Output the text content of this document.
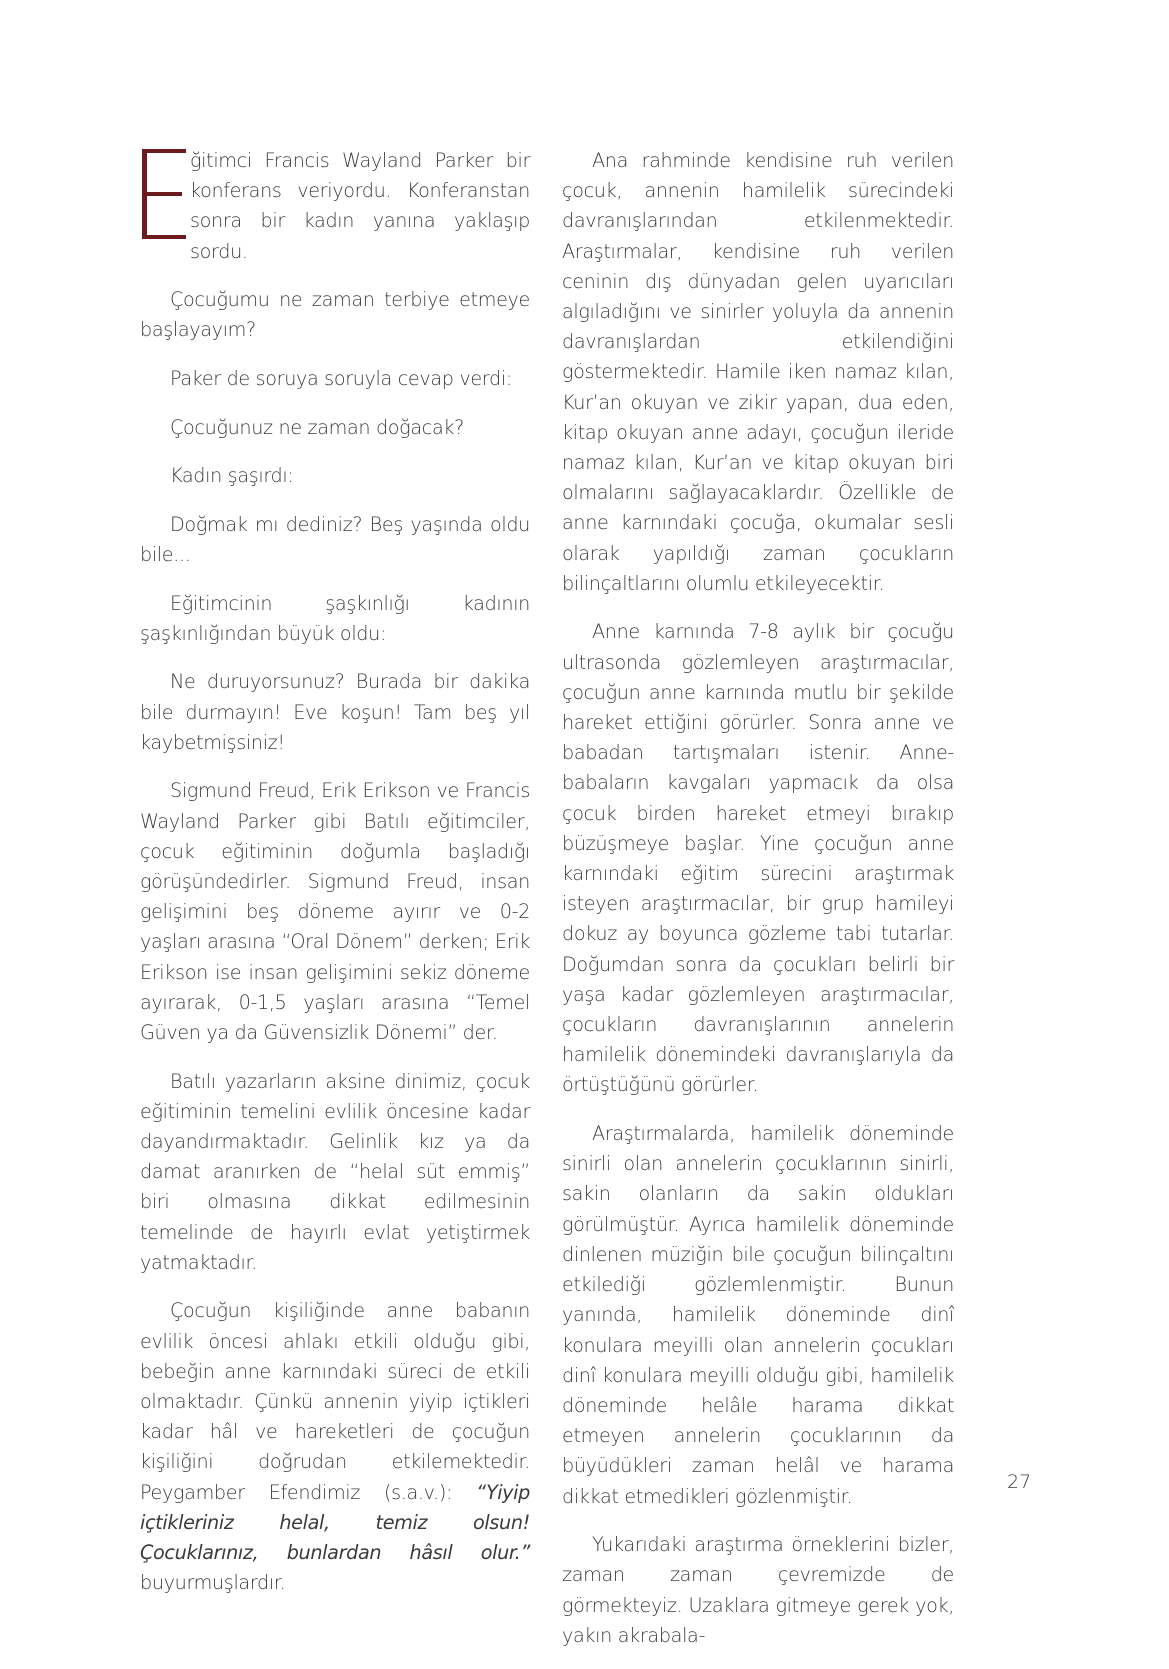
ğitimci Francis Wayland Parker bir konferans veriyordu. Konferanstan sonra bir kadın yanına yaklaşıp sordu.

Çocuğumu ne zaman terbiye etmeye başlayayım?

Paker de soruya soruyla cevap verdi:

Çocuğunuz ne zaman doğacak?

Kadın şaşırdı:

Doğmak mı dediniz? Beş yaşında oldu bile...

Eğitimcinin şaşkınlığı kadının şaşkınlığından büyük oldu:

Ne duruyorsunuz? Burada bir dakika bile durmayın! Eve koşun! Tam beş yıl kaybetmişsiniz!

Sigmund Freud, Erik Erikson ve Francis Wayland Parker gibi Batılı eğitimciler, çocuk eğitiminin doğumla başladığı görüşündedirler. Sigmund Freud, insan gelişimini beş döneme ayırır ve 0-2 yaşları arasına “Oral Dönem” derken; Erik Erikson ise insan gelişimini sekiz döneme ayırarak, 0-1,5 yaşları arasına “Temel Güven ya da Güvensizlik Dönemi” der.

Batılı yazarların aksine dinimiz, çocuk eğitiminin temelini evlilik öncesine kadar dayandırmaktadır. Gelinlik kız ya da damat aranırken de “helal süt emmiş” biri olmasına dikkat edilmesinin temelinde de hayırlı evlat yetiştirmek yatmaktadır.

Çocuğun kişiliğinde anne babanın evlilik öncesi ahlakı etkili olduğu gibi, bebeğin anne karnındaki süreci de etkili olmaktadır. Çünkü annenin yiyip içtikleri kadar hâl ve hareketleri de çocuğun kişiliğini doğrudan etkilemektedir. Peygamber Efendimiz (s.a.v.): “Yiyip içtikleriniz helal, temiz olsun! Çocuklarınız, bunlardan hâsıl olur.” buyurmuşlardır.

Ana rahminde kendisine ruh verilen çocuk, annenin hamilelik sürecindeki davranışlarından etkilenmektedir. Araştırmalar, kendisine ruh verilen ceninin dış dünyadan gelen uyarıcıları algıladığını ve sinirler yoluyla da annenin davranışlardan etkilendiğini göstermektedir. Hamile iken namaz kılan, Kur’an okuyan ve zikir yapan, dua eden, kitap okuyan anne adayı, çocuğun ileride namaz kılan, Kur’an ve kitap okuyan biri olmalarını sağlayacaklardır. Özellikle de anne karnındaki çocuğa, okumalar sesli olarak yapıldığı zaman çocukların bilinçaltlarını olumlu etkileyecektir.

Anne karnında 7-8 aylık bir çocuğu ultrasonda gözlemleyen araştırmacılar, çocuğun anne karnında mutlu bir şekilde hareket ettiğini görürler. Sonra anne ve babadan tartışmaları istenir. Anne-babaların kavgaları yapmacık da olsa çocuk birden hareket etmeyi bırakıp büzüşmeye başlar. Yine çocuğun anne karnındaki eğitim sürecini araştırmak isteyen araştırmacılar, bir grup hamileyi dokuz ay boyunca gözleme tabi tutarlar. Doğumdan sonra da çocukları belirli bir yaşa kadar gözlemleyen araştırmacılar, çocukların davranışlarının annelerin hamilelik dönemindeki davranışlarıyla da örtüştüğünü görürler.

Araştırmalarda, hamilelik döneminde sinirli olan annelerin çocuklarının sinirli, sakin olanların da sakin oldukları görülmüştür. Ayrıca hamilelik döneminde dinlenen müziğin bile çocuğun bilinçaltını etkilediği gözlemlenmiştir. Bunun yanında, hamilelik döneminde dinî konulara meyilli olan annelerin çocukları dinî konulara meyilli olduğu gibi, hamilelik döneminde helâle harama dikkat etmeyen annelerin çocuklarının da büyüdükleri zaman helâl ve harama dikkat etmedikleri gözlenmiştir.

Yukarıdaki araştırma örneklerini bizler, zaman zaman çevremizde de görmekteyiz. Uzaklara gitmeye gerek yok, yakın akrabala-

27
